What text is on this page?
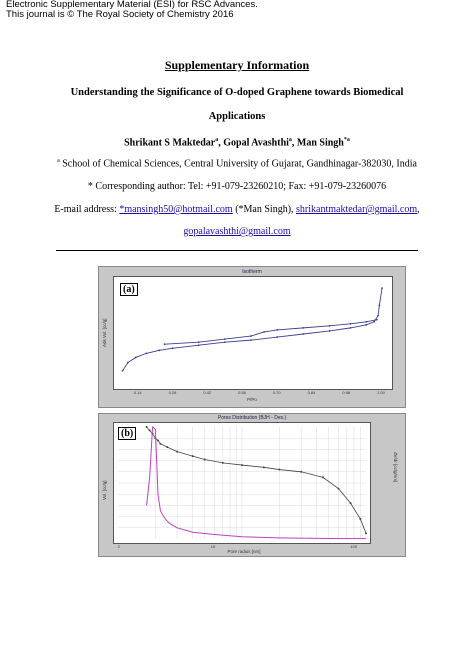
Electronic Supplementary Material (ESI) for RSC Advances.
This journal is © The Royal Society of Chemistry 2016
Supplementary Information
Understanding the Significance of O-doped Graphene towards Biomedical
Applications
Shrikant S Maktedar$^a$, Gopal Avashthi$^a$, Man Singh$^{*a}$
$^a$ School of Chemical Sciences, Central University of Gujarat, Gandhinagar-382030, India
* Corresponding author: Tel: +91-079-23260210; Fax: +91-079-23260076
E-mail address: *mansingh50@hotmail.com (*Man Singh), shrikantmaktedar@gmail.com,
gopalavashthi@gmail.com
Isotherm
(a)
Ads Vol. [cc/g]
P/Po
0.14	0.28	0.42	0.56	0.70	0.84	0.98	1.00
Pores Distribution (BJH - Des.)
(b)
Vol. [cc/g]
dV/dr [cc/g/nm]
Pore radius [nm]
2	10	100
